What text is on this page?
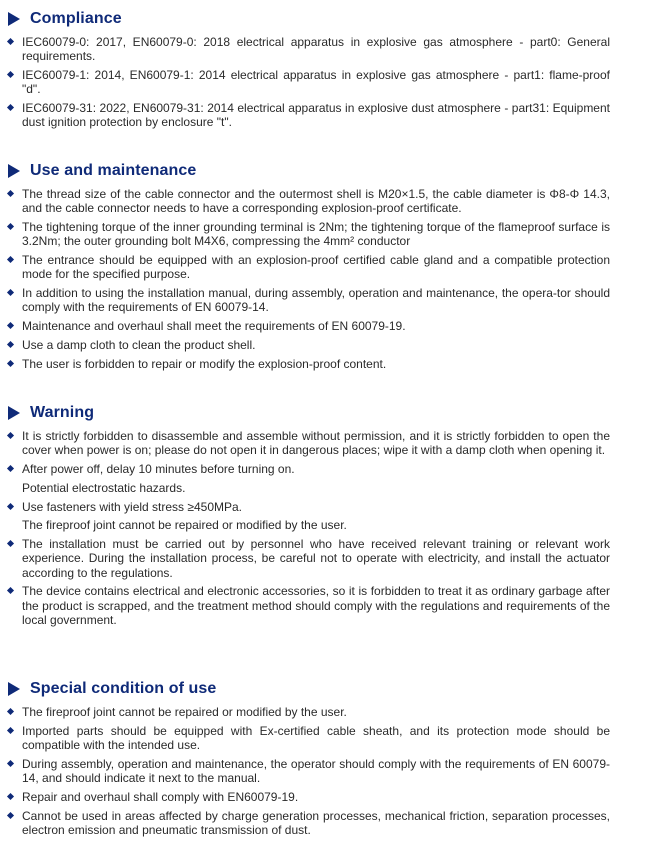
Compliance
IEC60079-0: 2017, EN60079-0: 2018 electrical apparatus in explosive gas atmosphere - part0: General requirements.
IEC60079-1: 2014, EN60079-1: 2014 electrical apparatus in explosive gas atmosphere - part1: flame-proof "d".
IEC60079-31: 2022, EN60079-31: 2014 electrical apparatus in explosive dust atmosphere - part31: Equipment dust ignition protection by enclosure "t".
Use and maintenance
The thread size of the cable connector and the outermost shell is M20×1.5, the cable diameter is Φ8-Φ 14.3, and the cable connector needs to have a corresponding explosion-proof certificate.
The tightening torque of the inner grounding terminal is 2Nm; the tightening torque of the flameproof surface is 3.2Nm; the outer grounding bolt M4X6, compressing the 4mm² conductor
The entrance should be equipped with an explosion-proof certified cable gland and a compatible protection mode for the specified purpose.
In addition to using the installation manual, during assembly, operation and maintenance, the opera-tor should comply with the requirements of EN 60079-14.
Maintenance and overhaul shall meet the requirements of EN 60079-19.
Use a damp cloth to clean the product shell.
The user is forbidden to repair or modify the explosion-proof content.
Warning
It is strictly forbidden to disassemble and assemble without permission, and it is strictly forbidden to open the cover when power is on; please do not open it in dangerous places; wipe it with a damp cloth when opening it.
After power off, delay 10 minutes before turning on.
Potential electrostatic hazards.
Use fasteners with yield stress ≥450MPa.
The fireproof joint cannot be repaired or modified by the user.
The installation must be carried out by personnel who have received relevant training or relevant work experience. During the installation process, be careful not to operate with electricity, and install the actuator according to the regulations.
The device contains electrical and electronic accessories, so it is forbidden to treat it as ordinary garbage after the product is scrapped, and the treatment method should comply with the regulations and requirements of the local government.
Special condition of use
The fireproof joint cannot be repaired or modified by the user.
Imported parts should be equipped with Ex-certified cable sheath, and its protection mode should be compatible with the intended use.
During assembly, operation and maintenance, the operator should comply with the requirements of EN 60079-14, and should indicate it next to the manual.
Repair and overhaul shall comply with EN60079-19.
Cannot be used in areas affected by charge generation processes, mechanical friction, separation processes, electron emission and pneumatic transmission of dust.
